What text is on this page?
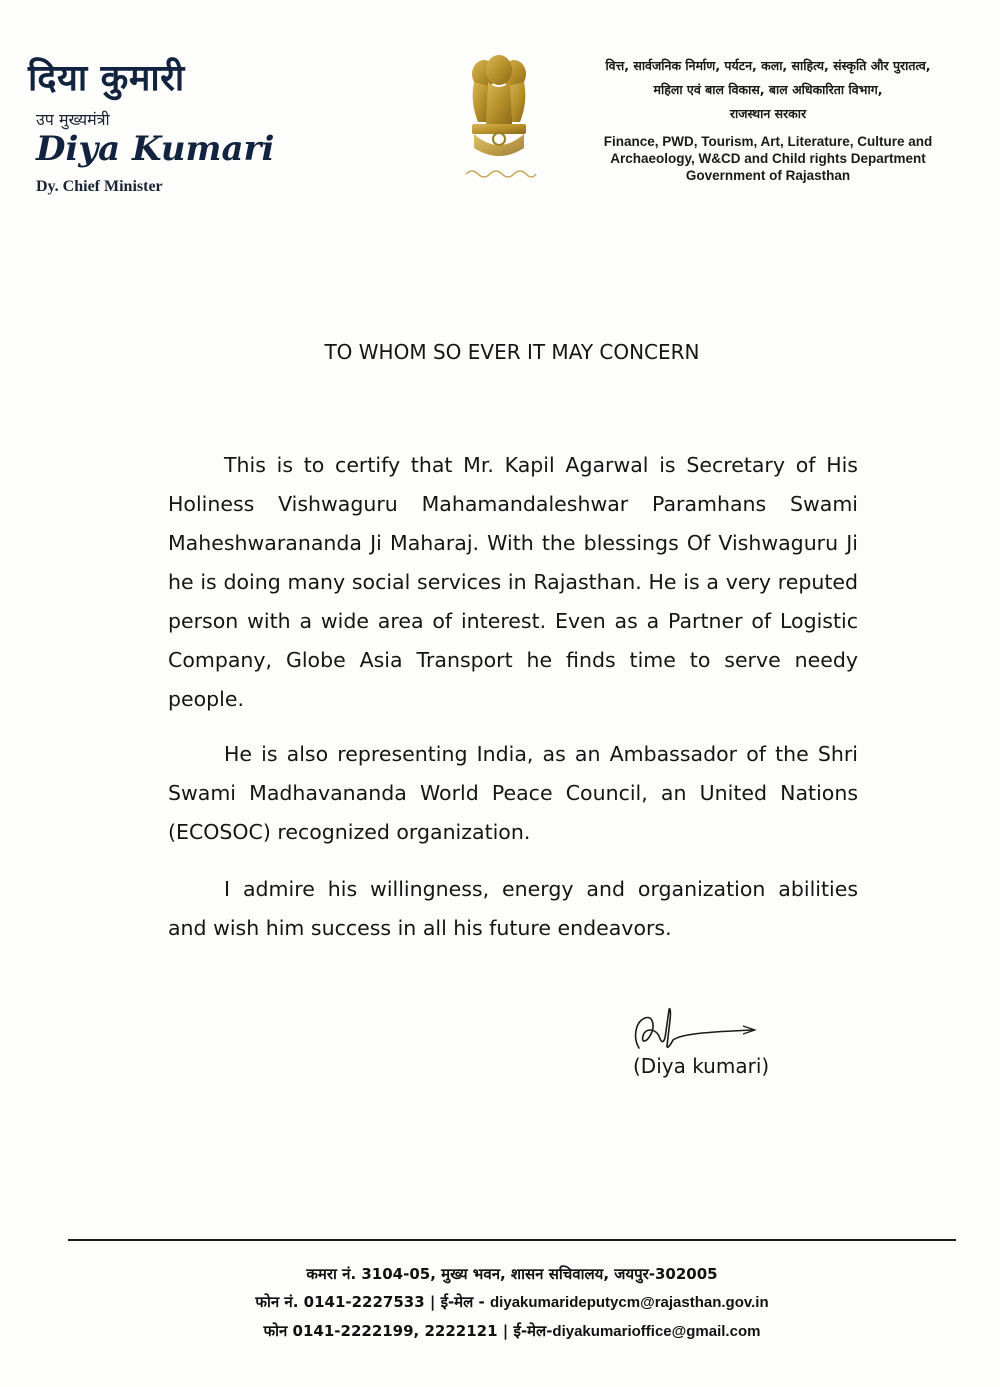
दिया कुमारी
उप मुख्यमंत्री
Diya Kumari
Dy. Chief Minister
वित्त, सार्वजनिक निर्माण, पर्यटन, कला, साहित्य, संस्कृति और पुरातत्व,
महिला एवं बाल विकास, बाल अधिकारिता विभाग,
राजस्थान सरकार
Finance, PWD, Tourism, Art, Literature, Culture and
Archaeology, W&CD and Child rights Department
Government of Rajasthan
TO WHOM SO EVER IT MAY CONCERN

This is to certify that Mr. Kapil Agarwal is Secretary of His Holiness Vishwaguru Mahamandaleshwar Paramhans Swami Maheshwarananda Ji Maharaj. With the blessings Of Vishwaguru Ji he is doing many social services in Rajasthan. He is a very reputed person with a wide area of interest. Even as a Partner of Logistic Company, Globe Asia Transport he finds time to serve needy people.

He is also representing India, as an Ambassador of the Shri Swami Madhavananda World Peace Council, an United Nations (ECOSOC) recognized organization.

I admire his willingness, energy and organization abilities and wish him success in all his future endeavors.

(Diya kumari)
कमरा नं. 3104-05, मुख्य भवन, शासन सचिवालय, जयपुर-302005
फोन नं. 0141-2227533 | ई-मेल - diyakumarideputycm@rajasthan.gov.in
फोन 0141-2222199, 2222121 | ई-मेल-diyakumarioffice@gmail.com
